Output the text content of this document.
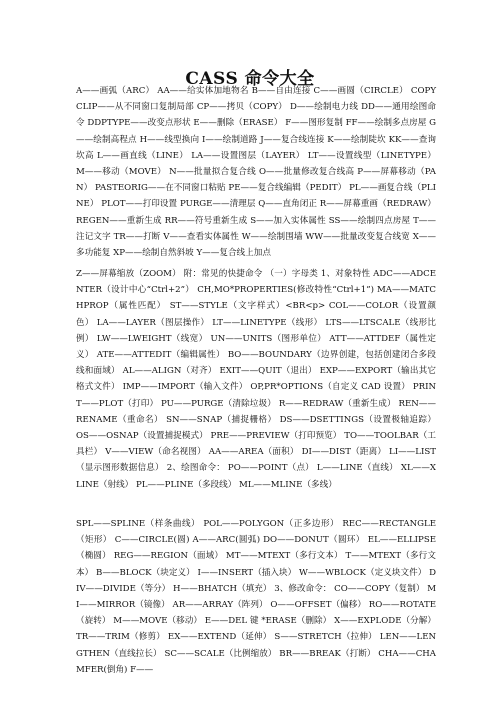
CASS 命令大全

A——画弧（ARC） AA——给实体加地物名 B——自由连接 C——画圆（CIRCLE） COPYCLIP——从不同窗口复制局部 CP——拷贝（COPY） D——绘制电力线 DD——通用绘图命令 DDPTYPE——改变点形状 E——删除（ERASE） F——图形复制 FF——绘制多点房屋 G——绘制高程点 H——线型换向 I——绘制道路 J——复合线连接 K——绘制陡坎 KK——查询坎高 L——画直线（LINE） LA——设置图层（LAYER） LT——设置线型（LINETYPE） M——移动（MOVE） N——批量拟合复合线 O——批量修改复合线高 P——屏幕移动（PAN） PASTEORIG——在不同窗口粘贴 PE——复合线编辑（PEDIT） PL——画复合线（PLINE） PLOT——打印设置 PURGE——清理层 Q——直角闭正 R——屏幕重画（REDRAW） REGEN——重新生成 RR——符号重新生成 S——加入实体属性 SS——绘制四点房屋 T——注记文字 TR——打断 V——查看实体属性 W——绘制围墙 WW——批量改变复合线宽 X——多功能复 XP——绘制自然斜坡 Y——复合线上加点

Z——屏幕缩放（ZOOM） 附：常见的快捷命令 （一）字母类 1、对象特性 ADC——ADCENTER（设计中心“Ctrl+2”） CH,MO*PROPERTIES(修改特性“Ctrl+1”) MA——MATCHPROP（属性匹配） ST——STYLE（文字样式）<BR<p> COL——COLOR（设置颜色） LA——LAYER（图层操作） LT——LINETYPE（线形） LTS——LTSCALE（线形比例） LW——LWEIGHT（线宽） UN——UNITS（图形单位） ATT——ATTDEF（属性定义） ATE——ATTEDIT（编辑属性） BO——BOUNDARY（边界创建，包括创建闭合多段线和面域） AL——ALIGN（对齐） EXIT——QUIT（退出） EXP——EXPORT（输出其它格式文件） IMP——IMPORT（输入文件） OP,PR*OPTIONS（自定义 CAD 设置） PRINT——PLOT（打印） PU——PURGE（清除垃圾） R——REDRAW（重新生成） REN——RENAME（重命名） SN——SNAP（捕捉栅格） DS——DSETTINGS（设置极轴追踪） OS——OSNAP（设置捕捉模式） PRE——PREVIEW（打印预览） TO——TOOLBAR（工具栏） V——VIEW（命名视图） AA——AREA（面积） DI——DIST（距离） LI——LIST（显示图形数据信息） 2、绘图命令： PO——POINT（点） L——LINE（直线） XL——XLINE（射线） PL——PLINE（多段线） ML——MLINE（多线）

SPL——SPLINE（样条曲线） POL——POLYGON（正多边形） REC——RECTANGLE（矩形） C——CIRCLE(圆) A——ARC(圆弧) DO——DONUT（圆环） EL——ELLIPSE（椭圆） REG——REGION（面域） MT——MTEXT（多行文本） T——MTEXT（多行文本） B——BLOCK（块定义） I——INSERT（插入块） W——WBLOCK（定义块文件） DIV——DIVIDE（等分） H——BHATCH（填充） 3、修改命令： CO——COPY（复制） MI——MIRROR（镜像） AR——ARRAY（阵列） O——OFFSET（偏移） RO——ROTATE（旋转） M——MOVE（移动） E——DEL 键 *ERASE（删除） X——EXPLODE（分解） TR——TRIM（修剪） EX——EXTEND（延伸） S——STRETCH（拉伸） LEN——LENGTHEN（直线拉长） SC——SCALE（比例缩放） BR——BREAK（打断） CHA——CHAMFER(倒角) F——
